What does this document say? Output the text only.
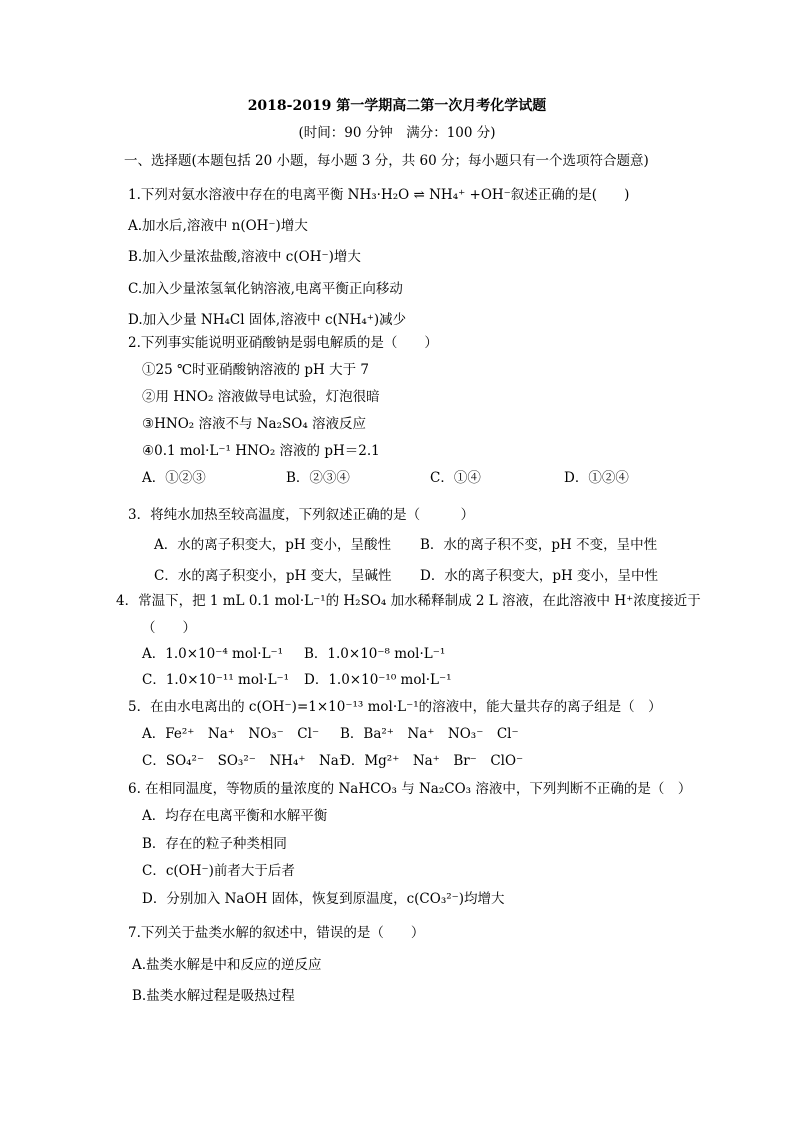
2018-2019 第一学期高二第一次月考化学试题
(时间：90 分钟　满分：100 分)
一、选择题(本题包括 20 小题，每小题 3 分，共 60 分；每小题只有一个选项符合题意)
1.下列对氨水溶液中存在的电离平衡 NH₃·H₂O ⇌ NH₄⁺ +OH⁻叙述正确的是(　　)
A.加水后,溶液中 n(OH⁻)增大
B.加入少量浓盐酸,溶液中 c(OH⁻)增大
C.加入少量浓氢氧化钠溶液,电离平衡正向移动
D.加入少量 NH₄Cl 固体,溶液中 c(NH₄⁺)减少
2.下列事实能说明亚硝酸钠是弱电解质的是（　　）
①25 ℃时亚硝酸钠溶液的 pH 大于 7
②用 HNO₂ 溶液做导电试验，灯泡很暗
③HNO₂ 溶液不与 Na₂SO₄ 溶液反应
④0.1 mol·L⁻¹ HNO₂ 溶液的 pH＝2.1
A．①②③	B．②③④	C．①④	D．①②④
3．将纯水加热至较高温度，下列叙述正确的是（　　　）
A．水的离子积变大，pH 变小，呈酸性 B．水的离子积不变，pH 不变，呈中性
C．水的离子积变小，pH 变大，呈碱性 D．水的离子积变大，pH 变小，呈中性
4．常温下，把 1 mL 0.1 mol·L⁻¹的 H₂SO₄ 加水稀释制成 2 L 溶液，在此溶液中 H⁺浓度接近于
（　　）
A．1.0×10⁻⁴ mol·L⁻¹ B．1.0×10⁻⁸ mol·L⁻¹
C．1.0×10⁻¹¹ mol·L⁻¹ D．1.0×10⁻¹⁰ mol·L⁻¹
5．在由水电离出的 c(OH⁻)=1×10⁻¹³ mol·L⁻¹的溶液中，能大量共存的离子组是（　）
A．Fe²⁺　Na⁺　NO₃⁻　Cl⁻ B．Ba²⁺　Na⁺　NO₃⁻　Cl⁻
C．SO₄²⁻　SO₃²⁻　NH₄⁺　Na⁺
D．Mg²⁺　Na⁺　Br⁻　ClO⁻
6. 在相同温度，等物质的量浓度的 NaHCO₃ 与 Na₂CO₃ 溶液中，下列判断不正确的是（　）
A．均存在电离平衡和水解平衡
B．存在的粒子种类相同
C．c(OH⁻)前者大于后者
D．分别加入 NaOH 固体，恢复到原温度，c(CO₃²⁻)均增大
7.下列关于盐类水解的叙述中，错误的是（　　）
A.盐类水解是中和反应的逆反应
B.盐类水解过程是吸热过程
